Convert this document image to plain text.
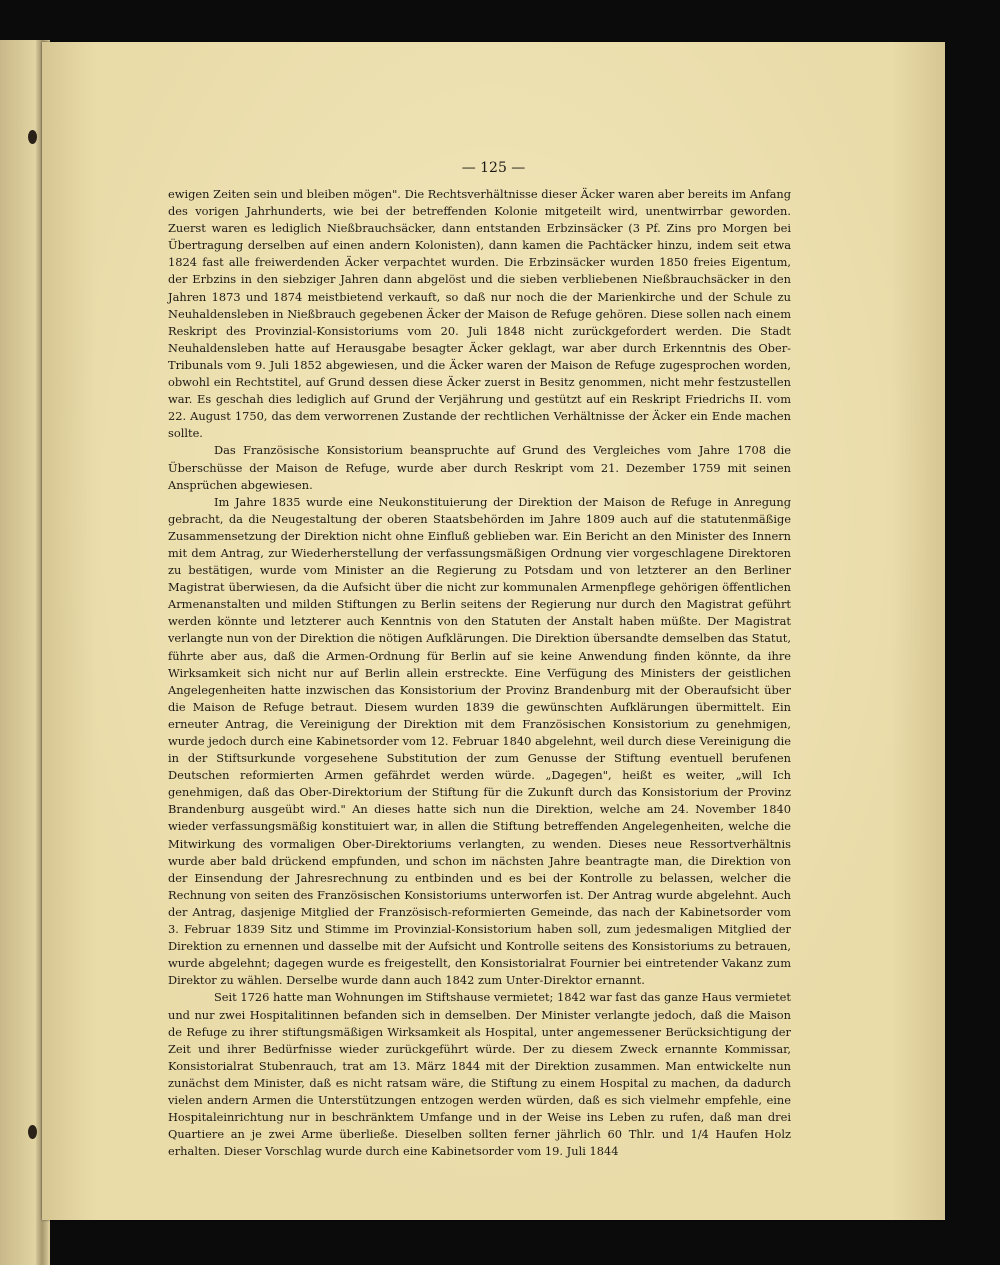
— 125 —

ewigen Zeiten sein und bleiben mögen". Die Rechtsverhältnisse dieser Äcker waren aber bereits im Anfang des vorigen Jahrhunderts, wie bei der betreffenden Kolonie mitgeteilt wird, unentwirrbar geworden. Zuerst waren es lediglich Nießbrauchsäcker, dann entstanden Erbzinsäcker (3 Pf. Zins pro Morgen bei Übertragung derselben auf einen andern Kolonisten), dann kamen die Pachtäcker hinzu, indem seit etwa 1824 fast alle freiwerdenden Äcker verpachtet wurden. Die Erbzinsäcker wurden 1850 freies Eigentum, der Erbzins in den siebziger Jahren dann abgelöst und die sieben verbliebenen Nießbrauchsäcker in den Jahren 1873 und 1874 meistbietend verkauft, so daß nur noch die der Marienkirche und der Schule zu Neuhaldensleben in Nießbrauch gegebenen Äcker der Maison de Refuge gehören. Diese sollen nach einem Reskript des Provinzial-Konsistoriums vom 20. Juli 1848 nicht zurückgefordert werden. Die Stadt Neuhaldensleben hatte auf Herausgabe besagter Äcker geklagt, war aber durch Erkenntnis des Ober-Tribunals vom 9. Juli 1852 abgewiesen, und die Äcker waren der Maison de Refuge zugesprochen worden, obwohl ein Rechtstitel, auf Grund dessen diese Äcker zuerst in Besitz genommen, nicht mehr festzustellen war. Es geschah dies lediglich auf Grund der Verjährung und gestützt auf ein Reskript Friedrichs II. vom 22. August 1750, das dem verworrenen Zustande der rechtlichen Verhältnisse der Äcker ein Ende machen sollte.

Das Französische Konsistorium beanspruchte auf Grund des Vergleiches vom Jahre 1708 die Überschüsse der Maison de Refuge, wurde aber durch Reskript vom 21. Dezember 1759 mit seinen Ansprüchen abgewiesen.

Im Jahre 1835 wurde eine Neukonstituierung der Direktion der Maison de Refuge in Anregung gebracht, da die Neugestaltung der oberen Staatsbehörden im Jahre 1809 auch auf die statutenmäßige Zusammensetzung der Direktion nicht ohne Einfluß geblieben war. Ein Bericht an den Minister des Innern mit dem Antrag, zur Wiederherstellung der verfassungsmäßigen Ordnung vier vorgeschlagene Direktoren zu bestätigen, wurde vom Minister an die Regierung zu Potsdam und von letzterer an den Berliner Magistrat überwiesen, da die Aufsicht über die nicht zur kommunalen Armenpflege gehörigen öffentlichen Armenanstalten und milden Stiftungen zu Berlin seitens der Regierung nur durch den Magistrat geführt werden könnte und letzterer auch Kenntnis von den Statuten der Anstalt haben müßte. Der Magistrat verlangte nun von der Direktion die nötigen Aufklärungen. Die Direktion übersandte demselben das Statut, führte aber aus, daß die Armen-Ordnung für Berlin auf sie keine Anwendung finden könnte, da ihre Wirksamkeit sich nicht nur auf Berlin allein erstreckte. Eine Verfügung des Ministers der geistlichen Angelegenheiten hatte inzwischen das Konsistorium der Provinz Brandenburg mit der Oberaufsicht über die Maison de Refuge betraut. Diesem wurden 1839 die gewünschten Aufklärungen übermittelt. Ein erneuter Antrag, die Vereinigung der Direktion mit dem Französischen Konsistorium zu genehmigen, wurde jedoch durch eine Kabinetsorder vom 12. Februar 1840 abgelehnt, weil durch diese Vereinigung die in der Stiftsurkunde vorgesehene Substitution der zum Genusse der Stiftung eventuell berufenen Deutschen reformierten Armen gefährdet werden würde. „Dagegen", heißt es weiter, „will Ich genehmigen, daß das Ober-Direktorium der Stiftung für die Zukunft durch das Konsistorium der Provinz Brandenburg ausgeübt wird." An dieses hatte sich nun die Direktion, welche am 24. November 1840 wieder verfassungsmäßig konstituiert war, in allen die Stiftung betreffenden Angelegenheiten, welche die Mitwirkung des vormaligen Ober-Direktoriums verlangten, zu wenden. Dieses neue Ressortverhältnis wurde aber bald drückend empfunden, und schon im nächsten Jahre beantragte man, die Direktion von der Einsendung der Jahresrechnung zu entbinden und es bei der Kontrolle zu belassen, welcher die Rechnung von seiten des Französischen Konsistoriums unterworfen ist. Der Antrag wurde abgelehnt. Auch der Antrag, dasjenige Mitglied der Französisch-reformierten Gemeinde, das nach der Kabinetsorder vom 3. Februar 1839 Sitz und Stimme im Provinzial-Konsistorium haben soll, zum jedesmaligen Mitglied der Direktion zu ernennen und dasselbe mit der Aufsicht und Kontrolle seitens des Konsistoriums zu betrauen, wurde abgelehnt; dagegen wurde es freigestellt, den Konsistorialrat Fournier bei eintretender Vakanz zum Direktor zu wählen. Derselbe wurde dann auch 1842 zum Unter-Direktor ernannt.

Seit 1726 hatte man Wohnungen im Stiftshause vermietet; 1842 war fast das ganze Haus vermietet und nur zwei Hospitalitinnen befanden sich in demselben. Der Minister verlangte jedoch, daß die Maison de Refuge zu ihrer stiftungsmäßigen Wirksamkeit als Hospital, unter angemessener Berücksichtigung der Zeit und ihrer Bedürfnisse wieder zurückgeführt würde. Der zu diesem Zweck ernannte Kommissar, Konsistorialrat Stubenrauch, trat am 13. März 1844 mit der Direktion zusammen. Man entwickelte nun zunächst dem Minister, daß es nicht ratsam wäre, die Stiftung zu einem Hospital zu machen, da dadurch vielen andern Armen die Unterstützungen entzogen werden würden, daß es sich vielmehr empfehle, eine Hospitaleinrichtung nur in beschränktem Umfange und in der Weise ins Leben zu rufen, daß man drei Quartiere an je zwei Arme überließe. Dieselben sollten ferner jährlich 60 Thlr. und 1/4 Haufen Holz erhalten. Dieser Vorschlag wurde durch eine Kabinetsorder vom 19. Juli 1844
